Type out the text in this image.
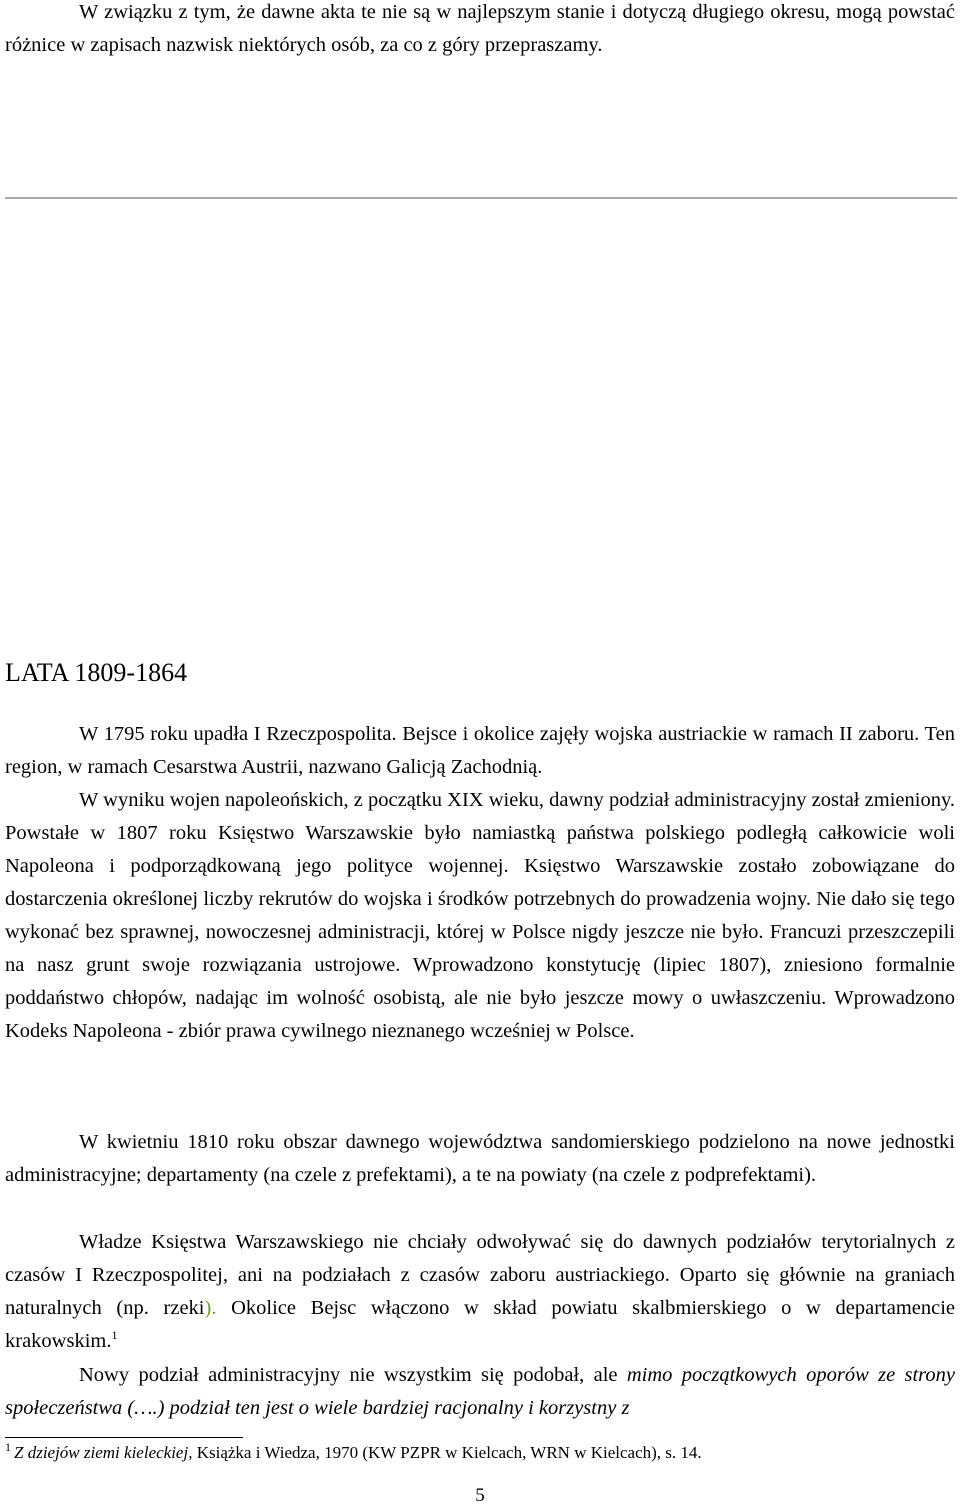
W związku z tym, że dawne akta te nie są w najlepszym stanie i dotyczą długiego okresu, mogą powstać różnice w zapisach nazwisk niektórych osób, za co z góry przepraszamy.

LATA 1809-1864

W 1795 roku upadła I Rzeczpospolita. Bejsce i okolice zajęły wojska austriackie w ramach II zaboru. Ten region, w ramach Cesarstwa Austrii, nazwano Galicją Zachodnią.

W wyniku wojen napoleońskich, z początku XIX wieku, dawny podział administracyjny został zmieniony. Powstałe w 1807 roku Księstwo Warszawskie było namiastką państwa polskiego podległą całkowicie woli Napoleona i podporządkowaną jego polityce wojennej. Księstwo Warszawskie zostało zobowiązane do dostarczenia określonej liczby rekrutów do wojska i środków potrzebnych do prowadzenia wojny. Nie dało się tego wykonać bez sprawnej, nowoczesnej administracji, której w Polsce nigdy jeszcze nie było. Francuzi przeszczepili na nasz grunt swoje rozwiązania ustrojowe. Wprowadzono konstytucję (lipiec 1807), zniesiono formalnie poddaństwo chłopów, nadając im wolność osobistą, ale nie było jeszcze mowy o uwłaszczeniu. Wprowadzono Kodeks Napoleona - zbiór prawa cywilnego nieznanego wcześniej w Polsce.

W kwietniu 1810 roku obszar dawnego województwa sandomierskiego podzielono na nowe jednostki administracyjne; departamenty (na czele z prefektami), a te na powiaty (na czele z podprefektami).

Władze Księstwa Warszawskiego nie chciały odwoływać się do dawnych podziałów terytorialnych z czasów I Rzeczpospolitej, ani na podziałach z czasów zaboru austriackiego. Oparto się głównie na graniach naturalnych (np. rzeki). Okolice Bejsc włączono w skład powiatu skalbmierskiego o w departamencie krakowskim.$^1$

Nowy podział administracyjny nie wszystkim się podobał, ale mimo początkowych oporów ze strony społeczeństwa (….) podział ten jest o wiele bardziej racjonalny i korzystny z

$^1$ Z dziejów ziemi kieleckiej, Książka i Wiedza, 1970 (KW PZPR w Kielcach, WRN w Kielcach), s. 14.

5
